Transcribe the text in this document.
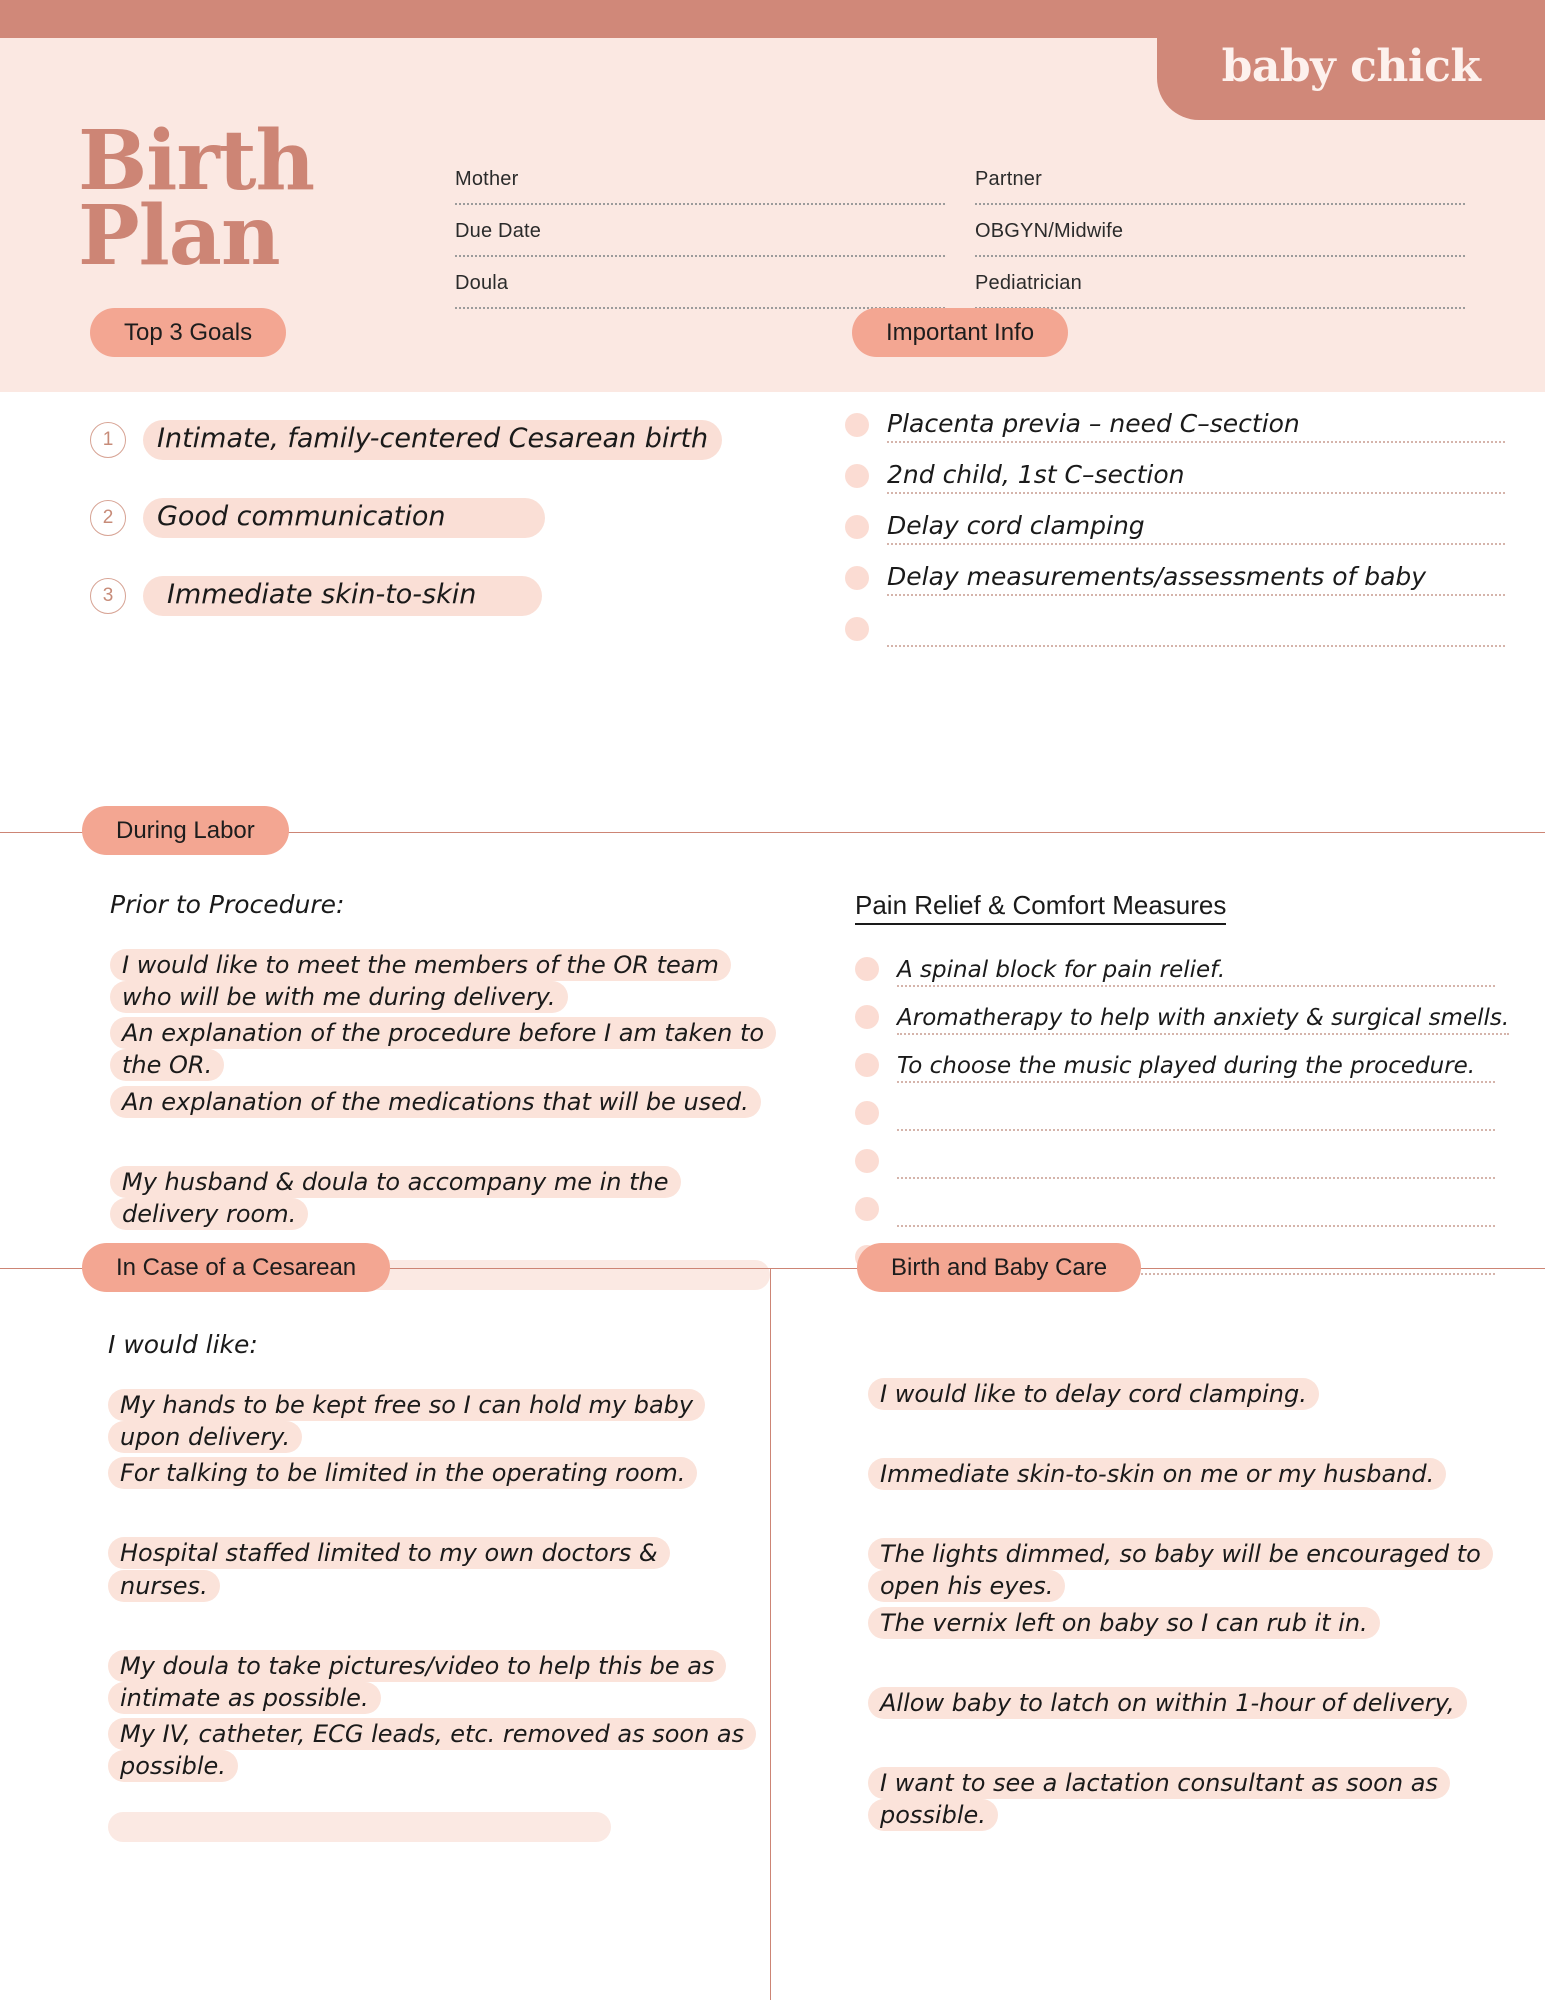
baby chick
Birth
Plan
Mother	Partner
Due Date	OBGYN/Midwife
Doula	Pediatrician
Top 3 Goals	Important Info
1	Intimate, family-centered Cesarean birth
2	Good communication
3	Immediate skin-to-skin
Placenta previa – need C–section
2nd child, 1st C–section
Delay cord clamping
Delay measurements/assessments of baby
During Labor
Prior to Procedure:
I would like to meet the members of the OR team who will be with me during delivery.
An explanation of the procedure before I am taken to the OR.
An explanation of the medications that will be used.
My husband & doula to accompany me in the delivery room.
Pain Relief & Comfort Measures
A spinal block for pain relief.
Aromatherapy to help with anxiety & surgical smells.
To choose the music played during the procedure.
In Case of a Cesarean	Birth and Baby Care
I would like:
My hands to be kept free so I can hold my baby upon delivery.
For talking to be limited in the operating room.
Hospital staffed limited to my own doctors & nurses.
My doula to take pictures/video to help this be as intimate as possible.
My IV, catheter, ECG leads, etc. removed as soon as possible.
I would like to delay cord clamping.
Immediate skin-to-skin on me or my husband.
The lights dimmed, so baby will be encouraged to open his eyes.
The vernix left on baby so I can rub it in.
Allow baby to latch on within 1-hour of delivery,
I want to see a lactation consultant as soon as possible.
